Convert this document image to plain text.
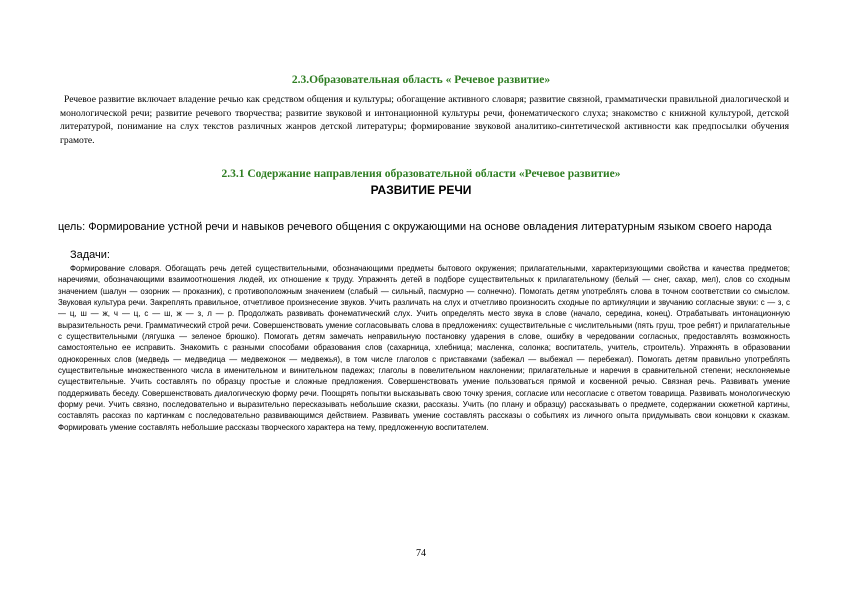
2.3.Образовательная область « Речевое развитие»
Речевое развитие включает владение речью как средством общения и культуры; обогащение активного словаря; развитие связной, грамматически правильной диалогической и монологической речи; развитие речевого творчества; развитие звуковой и интонационной культуры речи, фонематического слуха; знакомство с книжной культурой, детской литературой, понимание на слух текстов различных жанров детской литературы; формирование звуковой аналитико-синтетической активности как предпосылки обучения грамоте.
2.3.1 Содержание направления образовательной области «Речевое развитие»
РАЗВИТИЕ РЕЧИ
цель: Формирование устной речи и навыков речевого общения с окружающими на основе овладения литературным языком своего народа
Задачи:
Формирование словаря. Обогащать речь детей существительными, обозначающими предметы бытового окружения; прилагательными, характеризующими свойства и качества предметов; наречиями, обозначающими взаимоотношения людей, их отношение к труду. Упражнять детей в подборе существительных к прилагательному (белый — снег, сахар, мел), слов со сходным значением (шалун — озорник — проказник), с противоположным значением (слабый — сильный, пасмурно — солнечно). Помогать детям употреблять слова в точном соответствии со смыслом. Звуковая культура речи. Закреплять правильное, отчетливое произнесение звуков. Учить различать на слух и отчетливо произносить сходные по артикуляции и звучанию согласные звуки: с — з, с — ц, ш — ж, ч — ц, с — ш, ж — з, л — р. Продолжать развивать фонематический слух. Учить определять место звука в слове (начало, середина, конец). Отрабатывать интонационную выразительность речи. Грамматический строй речи. Совершенствовать умение согласовывать слова в предложениях: существительные с числительными (пять груш, трое ребят) и прилагательные с существительными (лягушка — зеленое брюшко). Помогать детям замечать неправильную постановку ударения в слове, ошибку в чередовании согласных, предоставлять возможность самостоятельно ее исправить. Знакомить с разными способами образования слов (сахарница, хлебница; масленка, солонка; воспитатель, учитель, строитель). Упражнять в образовании однокоренных слов (медведь — медведица — медвежонок — медвежья), в том числе глаголов с приставками (забежал — выбежал — перебежал). Помогать детям правильно употреблять существительные множественного числа в именительном и винительном падежах; глаголы в повелительном наклонении; прилагательные и наречия в сравнительной степени; несклоняемые существительные. Учить составлять по образцу простые и сложные предложения. Совершенствовать умение пользоваться прямой и косвенной речью. Связная речь. Развивать умение поддерживать беседу. Совершенствовать диалогическую форму речи. Поощрять попытки высказывать свою точку зрения, согласие или несогласие с ответом товарища. Развивать монологическую форму речи. Учить связно, последовательно и выразительно пересказывать небольшие сказки, рассказы. Учить (по плану и образцу) рассказывать о предмете, содержании сюжетной картины, составлять рассказ по картинкам с последовательно развивающимся действием. Развивать умение составлять рассказы о событиях из личного опыта придумывать свои концовки к сказкам. Формировать умение составлять небольшие рассказы творческого характера на тему, предложенную воспитателем.
74
